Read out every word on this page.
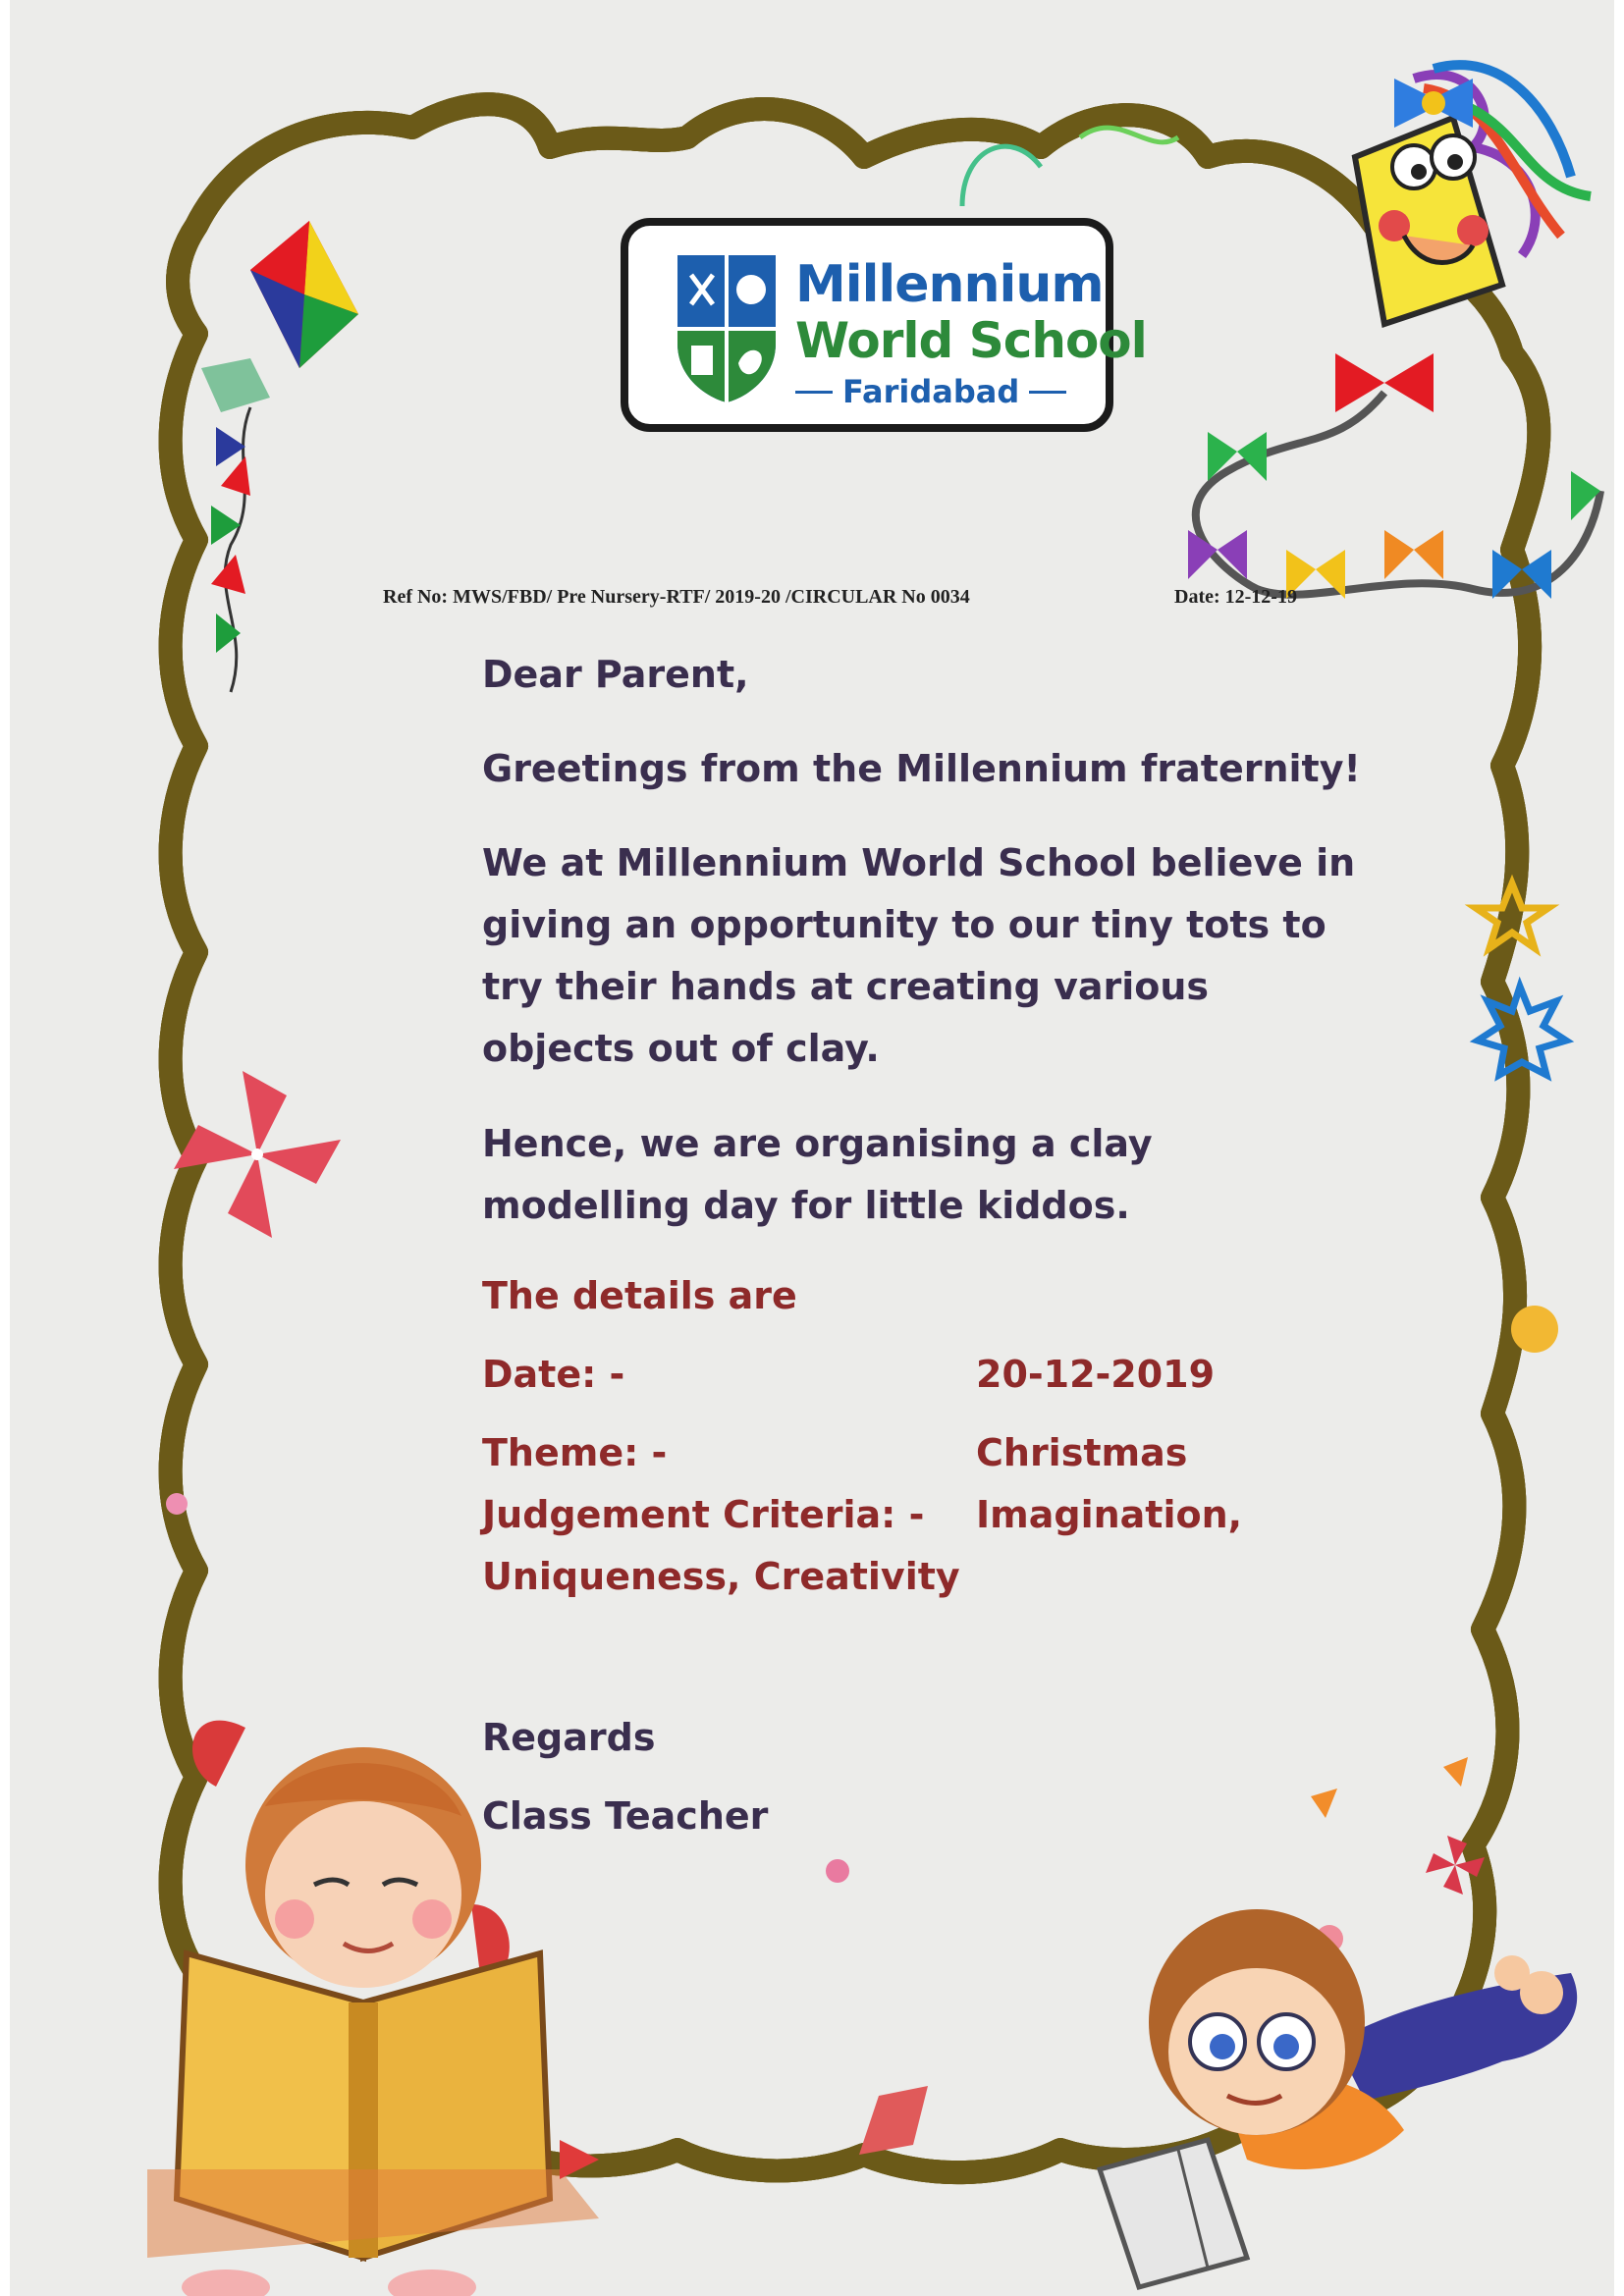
Millennium
World School
Faridabad
Ref No: MWS/FBD/ Pre Nursery-RTF/ 2019-20 /CIRCULAR No 0034	Date: 12-12-19
Dear Parent,
Greetings from the Millennium fraternity!
We at Millennium World School believe in
giving an opportunity to our tiny tots to
try their hands at creating various
objects out of clay.
Hence, we are organising a clay
modelling day for little kiddos.
The details are
Date: -	20-12-2019
Theme: -	Christmas
Judgement Criteria: - Imagination,
Uniqueness, Creativity
Regards
Class Teacher
